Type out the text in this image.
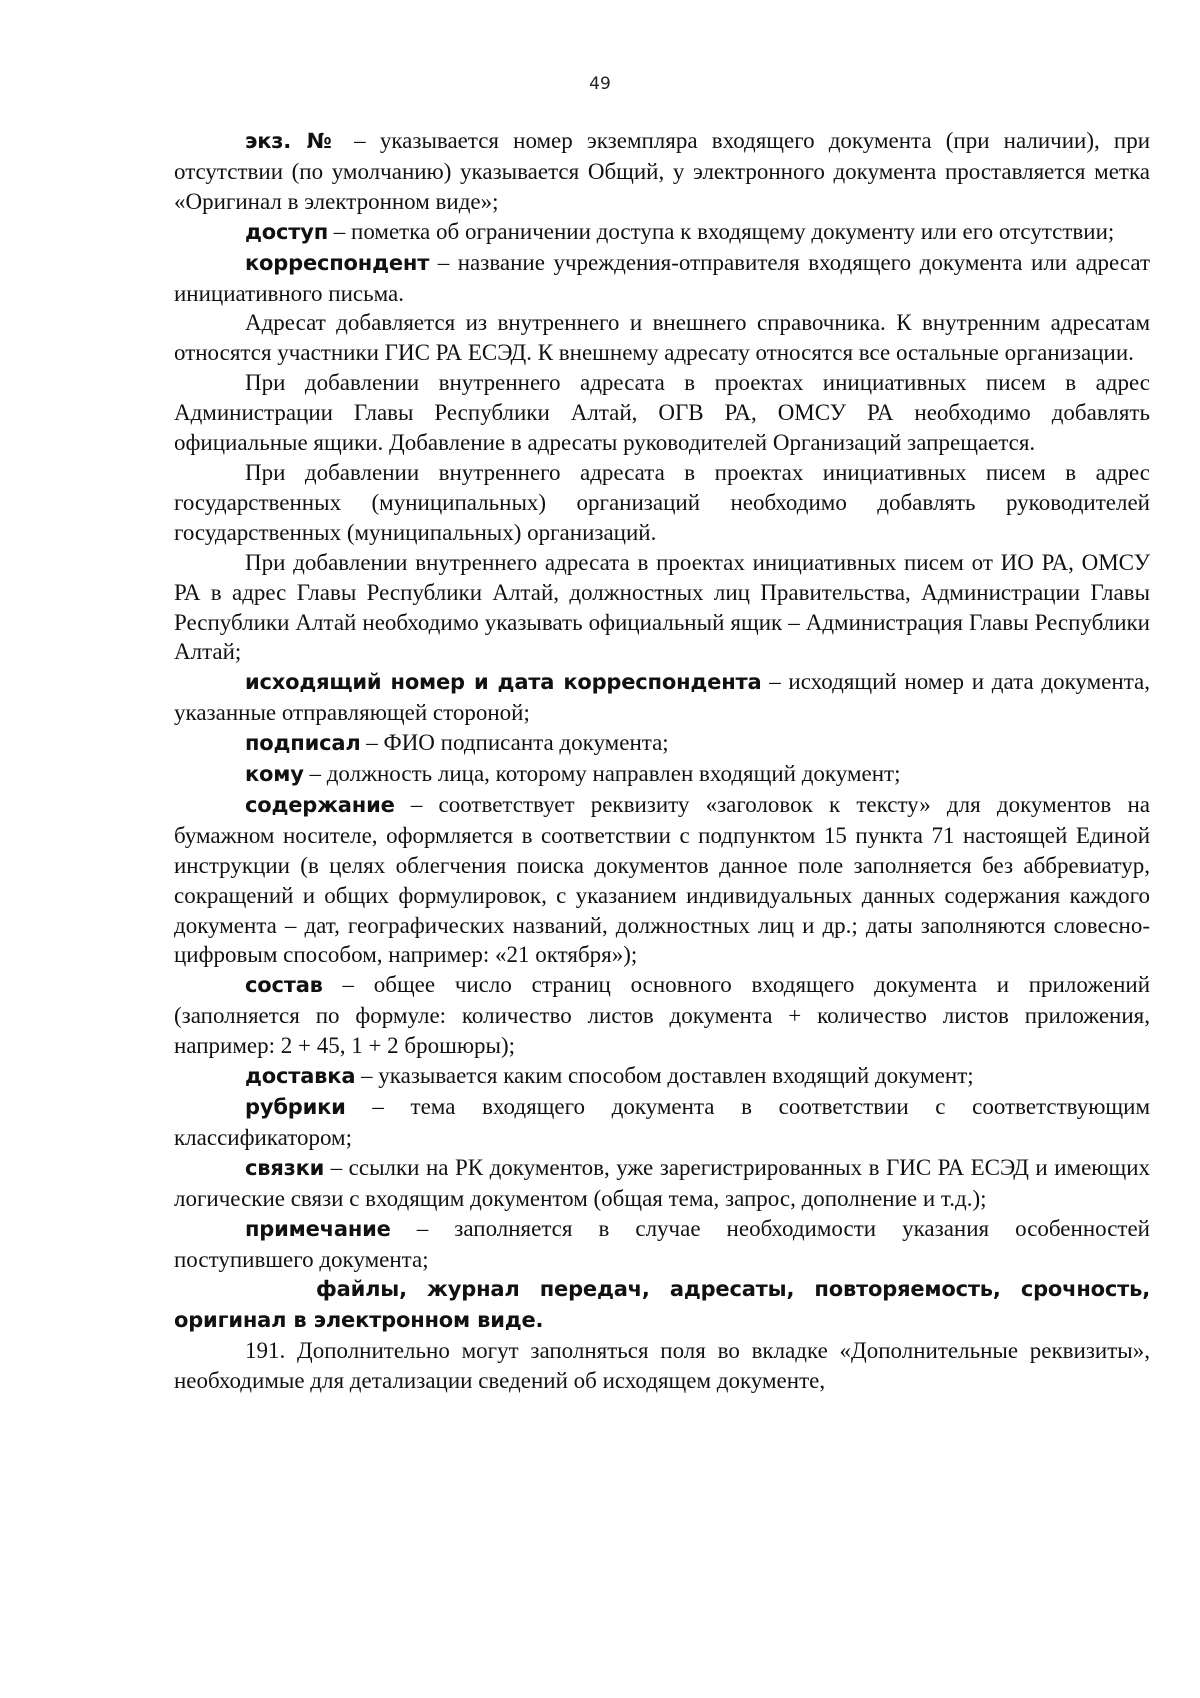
49

экз. № – указывается номер экземпляра входящего документа (при наличии), при отсутствии (по умолчанию) указывается Общий, у электронного документа проставляется метка «Оригинал в электронном виде»;

доступ – пометка об ограничении доступа к входящему документу или его отсутствии;

корреспондент – название учреждения-отправителя входящего документа или адресат инициативного письма.

Адресат добавляется из внутреннего и внешнего справочника. К внутренним адресатам относятся участники ГИС РА ЕСЭД. К внешнему адресату относятся все остальные организации.

При добавлении внутреннего адресата в проектах инициативных писем в адрес Администрации Главы Республики Алтай, ОГВ РА, ОМСУ РА необходимо добавлять официальные ящики. Добавление в адресаты руководителей Организаций запрещается.

При добавлении внутреннего адресата в проектах инициативных писем в адрес государственных (муниципальных) организаций необходимо добавлять руководителей государственных (муниципальных) организаций.

При добавлении внутреннего адресата в проектах инициативных писем от ИО РА, ОМСУ РА в адрес Главы Республики Алтай, должностных лиц Правительства, Администрации Главы Республики Алтай необходимо указывать официальный ящик – Администрация Главы Республики Алтай;

исходящий номер и дата корреспондента – исходящий номер и дата документа, указанные отправляющей стороной;

подписал – ФИО подписанта документа;

кому – должность лица, которому направлен входящий документ;

содержание – соответствует реквизиту «заголовок к тексту» для документов на бумажном носителе, оформляется в соответствии с подпунктом 15 пункта 71 настоящей Единой инструкции (в целях облегчения поиска документов данное поле заполняется без аббревиатур, сокращений и общих формулировок, с указанием индивидуальных данных содержания каждого документа – дат, географических названий, должностных лиц и др.; даты заполняются словесно-цифровым способом, например: «21 октября»);

состав – общее число страниц основного входящего документа и приложений (заполняется по формуле: количество листов документа + количество листов приложения, например: 2 + 45, 1 + 2 брошюры);

доставка – указывается каким способом доставлен входящий документ;

рубрики – тема входящего документа в соответствии с соответствующим классификатором;

связки – ссылки на РК документов, уже зарегистрированных в ГИС РА ЕСЭД и имеющих логические связи с входящим документом (общая тема, запрос, дополнение и т.д.);

примечание – заполняется в случае необходимости указания особенностей поступившего документа;

файлы, журнал передач, адресаты, повторяемость, срочность, оригинал в электронном виде.

191. Дополнительно могут заполняться поля во вкладке «Дополнительные реквизиты», необходимые для детализации сведений об исходящем документе,
